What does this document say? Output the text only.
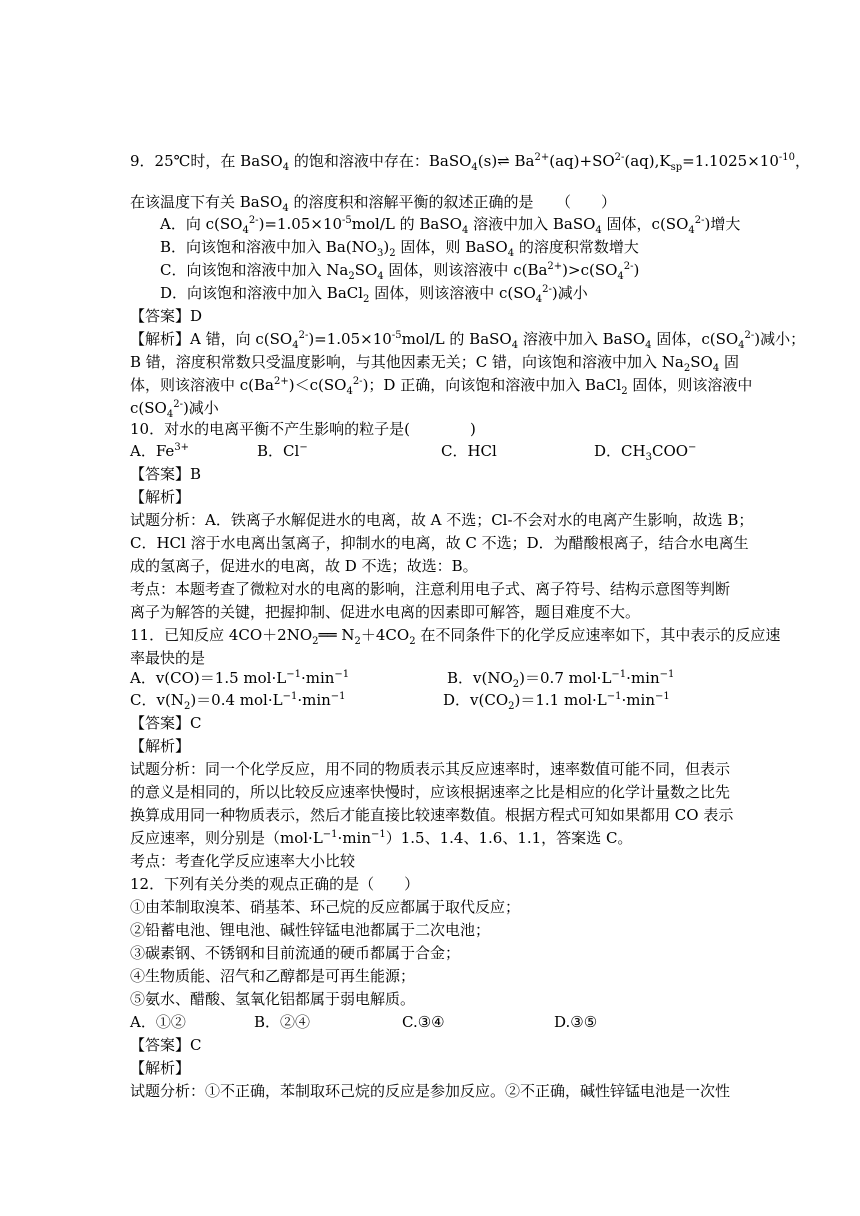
9．25℃时，在 BaSO$_4$ 的饱和溶液中存在：BaSO$_4$(s)⇌ $Ba^{2+}(aq)+SO^{2-}(aq),K_{sp}=1.1025\times 10^{-10}$，
在该温度下有关 BaSO$_4$ 的溶度积和溶解平衡的叙述正确的是　　（　　）
A．向 $c(SO_4^{2-})=1.05\times 10^{-5}mol/L$ 的 BaSO$_4$ 溶液中加入 BaSO$_4$ 固体，$c(SO_4^{2-})$增大
B．向该饱和溶液中加入 $Ba(NO_3)_2$ 固体，则 BaSO$_4$ 的溶度积常数增大
C．向该饱和溶液中加入 $Na_2SO_4$ 固体，则该溶液中 $c(Ba^{2+})>c(SO_4^{2-})$
D．向该饱和溶液中加入 BaCl$_2$ 固体，则该溶液中 $c(SO_4^{2-})$减小
【答案】D
【解析】A 错，向 $c(SO_4^{2-})=1.05\times 10^{-5}mol/L$ 的 BaSO$_4$ 溶液中加入 BaSO$_4$ 固体，$c(SO_4^{2-})$减小；
B 错，溶度积常数只受温度影响，与其他因素无关；C 错，向该饱和溶液中加入 $Na_2SO_4$ 固
体，则该溶液中 $c(Ba^{2+})<c(SO_4^{2-})$；D 正确，向该饱和溶液中加入 BaCl$_2$ 固体，则该溶液中
$c(SO_4^{2-})$减小
10．对水的电离平衡不产生影响的粒子是(　　　　)
A．$Fe^{3+}$	B．Cl−	C．HCl	D．$CH_3COO^-$
【答案】B
【解析】
试题分析：A．铁离子水解促进水的电离，故 A 不选；Cl-不会对水的电离产生影响，故选 B；
C．HCl 溶于水电离出氢离子，抑制水的电离，故 C 不选；D．为醋酸根离子，结合水电离生
成的氢离子，促进水的电离，故 D 不选；故选：B。
考点：本题考查了微粒对水的电离的影响，注意利用电子式、离子符号、结构示意图等判断
离子为解答的关键，把握抑制、促进水电离的因素即可解答，题目难度不大。
11．已知反应 $4CO+2NO_2══$ $N_2+4CO_2$ 在不同条件下的化学反应速率如下，其中表示的反应速
率最快的是
A．v(CO)＝1.5 $mol\cdot L^{-1}\cdot\min^{-1}$	B．$v(NO_2)=0.7$ $mol\cdot L^{-1}\cdot\min^{-1}$
C．$v(N_2)=0.4$ $mol\cdot L^{-1}\cdot\min^{-1}$	D．$v(CO_2)=1.1$ $mol\cdot L^{-1}\cdot\min^{-1}$
【答案】C
【解析】
试题分析：同一个化学反应，用不同的物质表示其反应速率时，速率数值可能不同，但表示
的意义是相同的，所以比较反应速率快慢时，应该根据速率之比是相应的化学计量数之比先
换算成用同一种物质表示，然后才能直接比较速率数值。根据方程式可知如果都用 CO 表示
反应速率，则分别是$(mol\cdot L^{-1}\cdot\min^{-1})1.5$、1.4、1.6、1.1，答案选 C。
考点：考查化学反应速率大小比较
12．下列有关分类的观点正确的是（　　）
①由苯制取溴苯、硝基苯、环己烷的反应都属于取代反应；
②铅蓄电池、锂电池、碱性锌锰电池都属于二次电池；
③碳素钢、不锈钢和目前流通的硬币都属于合金；
④生物质能、沼气和乙醇都是可再生能源；
⑤氨水、醋酸、氢氧化铝都属于弱电解质。
A．①②	B．②④	C.③④	D.③⑤
【答案】C
【解析】
试题分析：①不正确，苯制取环己烷的反应是参加反应。②不正确，碱性锌锰电池是一次性
